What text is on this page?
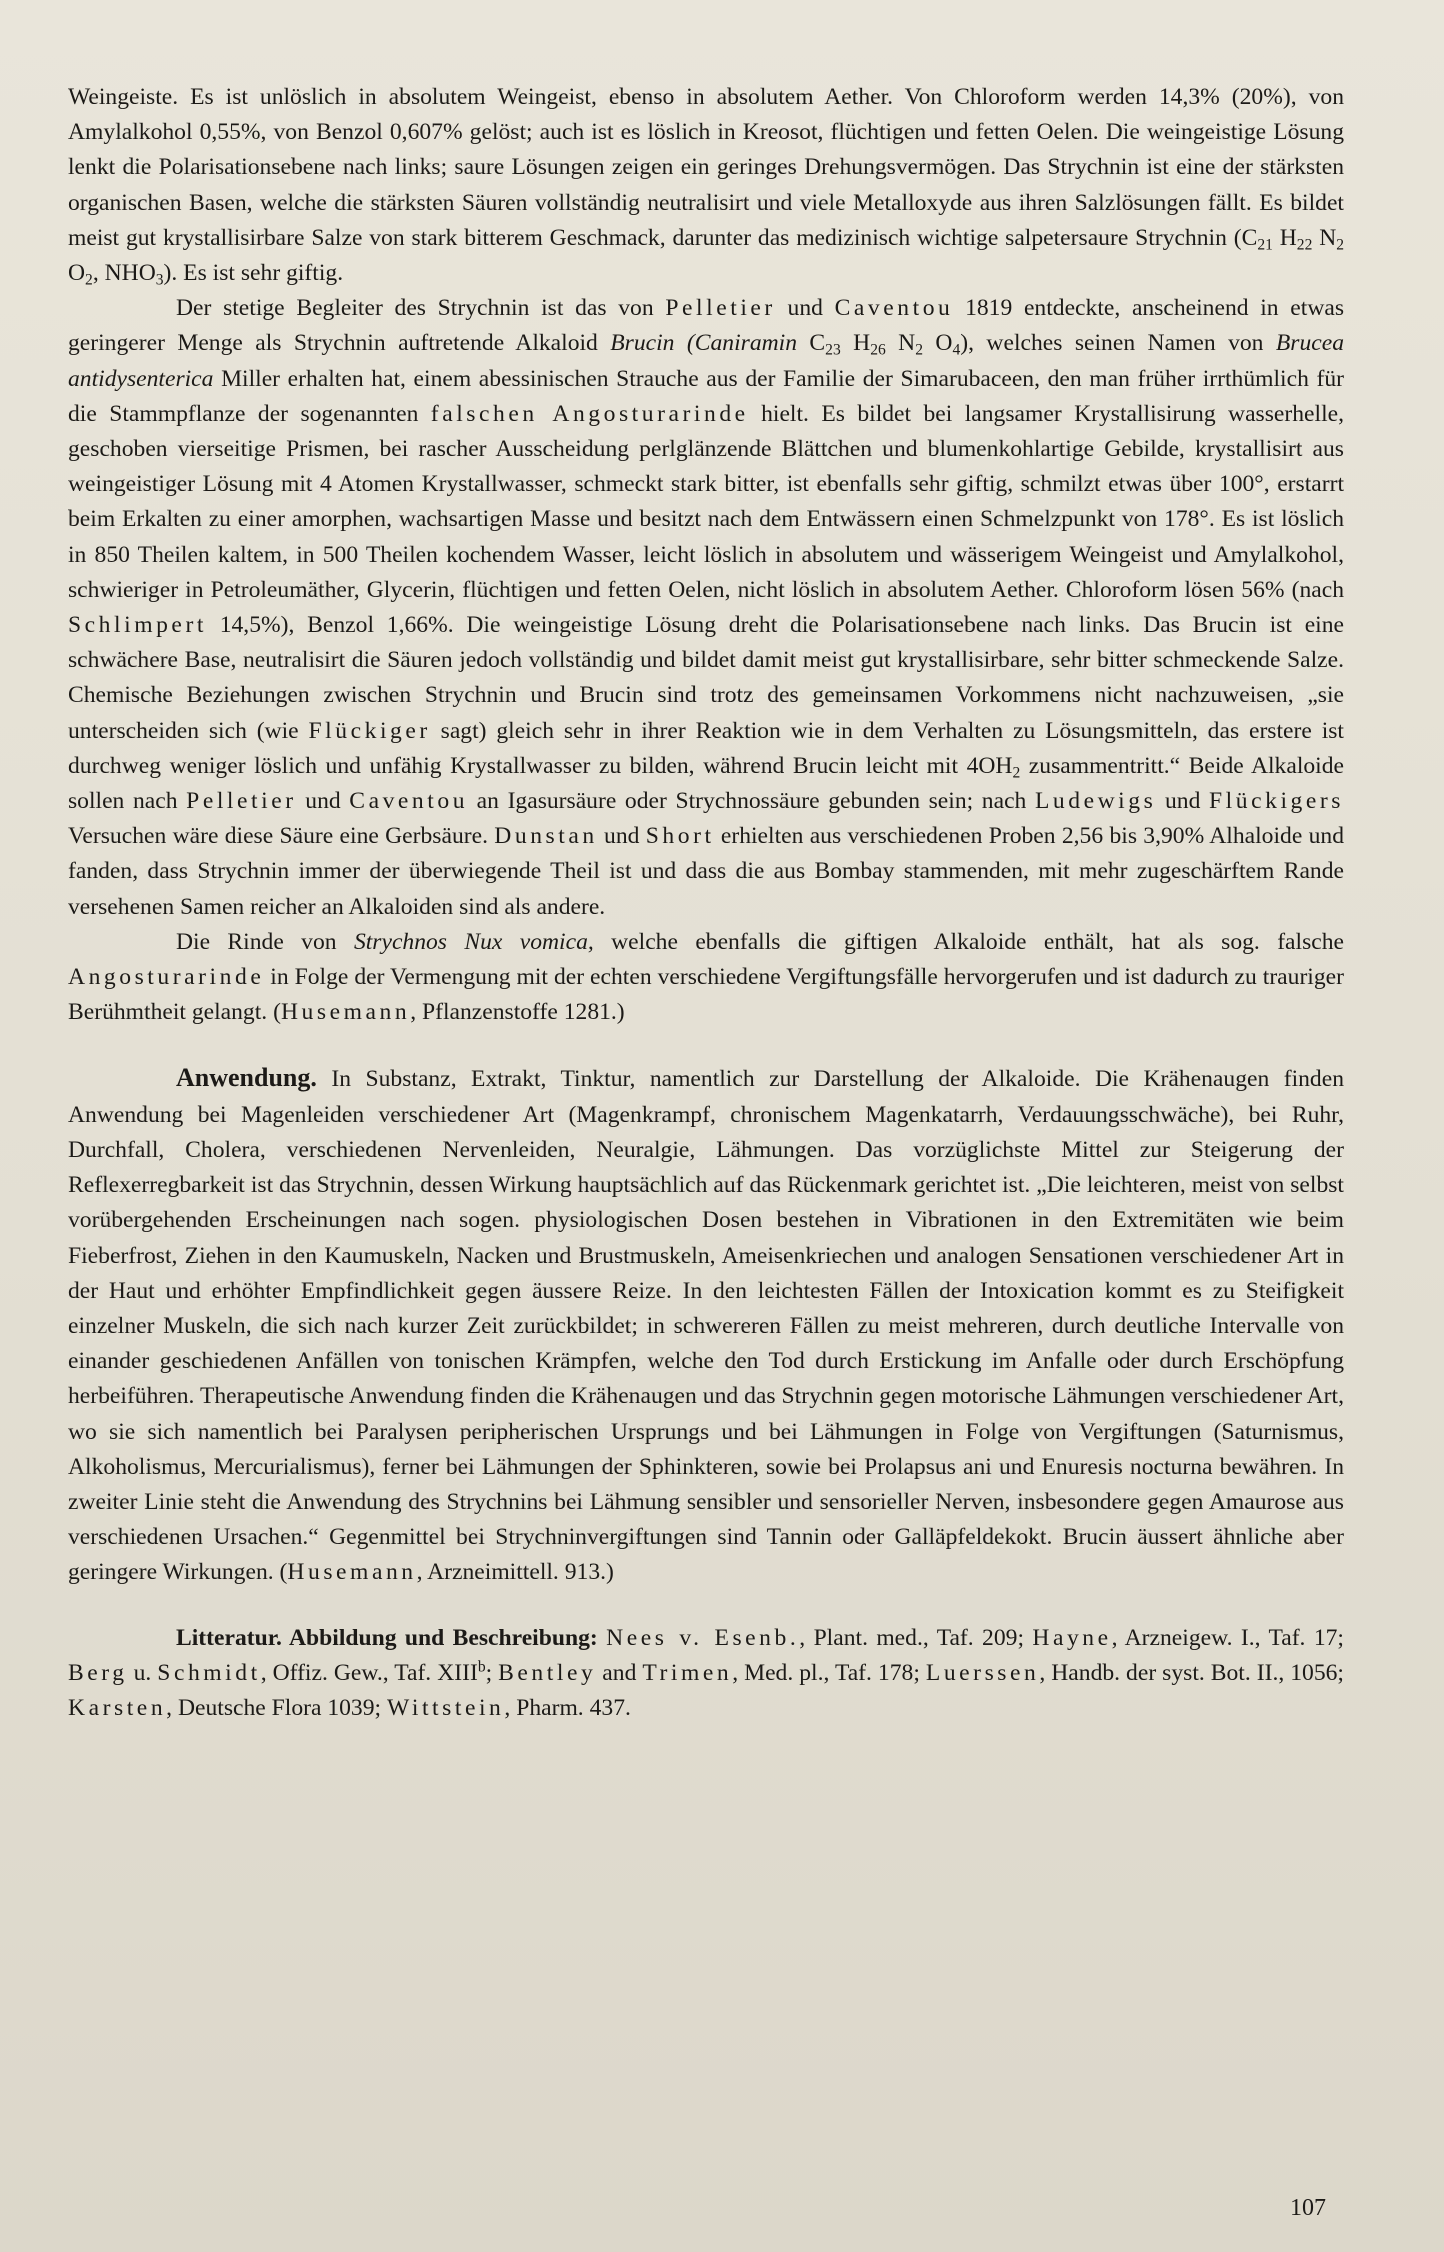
Weingeiste. Es ist unlöslich in absolutem Weingeist, ebenso in absolutem Aether. Von Chloroform werden 14,3% (20%), von Amylalkohol 0,55%, von Benzol 0,607% gelöst; auch ist es löslich in Kreosot, flüchtigen und fetten Oelen. Die weingeistige Lösung lenkt die Polarisationsebene nach links; saure Lösungen zeigen ein geringes Drehungsvermögen. Das Strychnin ist eine der stärksten organischen Basen, welche die stärksten Säuren vollständig neutralisirt und viele Metalloxyde aus ihren Salzlösungen fällt. Es bildet meist gut krystallisirbare Salze von stark bitterem Geschmack, darunter das medizinisch wichtige salpetersaure Strychnin ($C_{21}$ $H_{22}$ $N_2$ $O_2$, $NHO_3$). Es ist sehr giftig.

Der stetige Begleiter des Strychnin ist das von Pelletier und Caventou 1819 entdeckte, anscheinend in etwas geringerer Menge als Strychnin auftretende Alkaloid Brucin (Caniramin $C_{23}$ $H_{26}$ $N_2$ $O_4$), welches seinen Namen von Brucea antidysenterica Miller erhalten hat, einem abessinischen Strauche aus der Familie der Simarubaceen, den man früher irrthümlich für die Stammpflanze der sogenannten falschen Angosturarinde hielt. Es bildet bei langsamer Krystallisirung wasserhelle, geschoben vierseitige Prismen, bei rascher Ausscheidung perlglänzende Blättchen und blumenkohlartige Gebilde, krystallisirt aus weingeistiger Lösung mit 4 Atomen Krystallwasser, schmeckt stark bitter, ist ebenfalls sehr giftig, schmilzt etwas über 100°, erstarrt beim Erkalten zu einer amorphen, wachsartigen Masse und besitzt nach dem Entwässern einen Schmelzpunkt von 178°. Es ist löslich in 850 Theilen kaltem, in 500 Theilen kochendem Wasser, leicht löslich in absolutem und wässerigem Weingeist und Amylalkohol, schwieriger in Petroleumäther, Glycerin, flüchtigen und fetten Oelen, nicht löslich in absolutem Aether. Chloroform lösen 56% (nach Schlimpert 14,5%), Benzol 1,66%. Die weingeistige Lösung dreht die Polarisationsebene nach links. Das Brucin ist eine schwächere Base, neutralisirt die Säuren jedoch vollständig und bildet damit meist gut krystallisirbare, sehr bitter schmeckende Salze. Chemische Beziehungen zwischen Strychnin und Brucin sind trotz des gemeinsamen Vorkommens nicht nachzuweisen, „sie unterscheiden sich (wie Flückiger sagt) gleich sehr in ihrer Reaktion wie in dem Verhalten zu Lösungsmitteln, das erstere ist durchweg weniger löslich und unfähig Krystallwasser zu bilden, während Brucin leicht mit $4OH_2$ zusammentritt.“ Beide Alkaloide sollen nach Pelletier und Caventou an Igasursäure oder Strychnossäure gebunden sein; nach Ludewigs und Flückigers Versuchen wäre diese Säure eine Gerbsäure. Dunstan und Short erhielten aus verschiedenen Proben 2,56 bis 3,90% Alhaloide und fanden, dass Strychnin immer der überwiegende Theil ist und dass die aus Bombay stammenden, mit mehr zugeschärftem Rande versehenen Samen reicher an Alkaloiden sind als andere.

Die Rinde von Strychnos Nux vomica, welche ebenfalls die giftigen Alkaloide enthält, hat als sog. falsche Angosturarinde in Folge der Vermengung mit der echten verschiedene Vergiftungsfälle hervorgerufen und ist dadurch zu trauriger Berühmtheit gelangt. (Husemann, Pflanzenstoffe 1281.)

Anwendung. In Substanz, Extrakt, Tinktur, namentlich zur Darstellung der Alkaloide. Die Krähenaugen finden Anwendung bei Magenleiden verschiedener Art (Magenkrampf, chronischem Magenkatarrh, Verdauungsschwäche), bei Ruhr, Durchfall, Cholera, verschiedenen Nervenleiden, Neuralgie, Lähmungen. Das vorzüglichste Mittel zur Steigerung der Reflexerregbarkeit ist das Strychnin, dessen Wirkung hauptsächlich auf das Rückenmark gerichtet ist. „Die leichteren, meist von selbst vorübergehenden Erscheinungen nach sogen. physiologischen Dosen bestehen in Vibrationen in den Extremitäten wie beim Fieberfrost, Ziehen in den Kaumuskeln, Nacken und Brustmuskeln, Ameisenkriechen und analogen Sensationen verschiedener Art in der Haut und erhöhter Empfindlichkeit gegen äussere Reize. In den leichtesten Fällen der Intoxication kommt es zu Steifigkeit einzelner Muskeln, die sich nach kurzer Zeit zurückbildet; in schwereren Fällen zu meist mehreren, durch deutliche Intervalle von einander geschiedenen Anfällen von tonischen Krämpfen, welche den Tod durch Erstickung im Anfalle oder durch Erschöpfung herbeiführen. Therapeutische Anwendung finden die Krähenaugen und das Strychnin gegen motorische Lähmungen verschiedener Art, wo sie sich namentlich bei Paralysen peripherischen Ursprungs und bei Lähmungen in Folge von Vergiftungen (Saturnismus, Alkoholismus, Mercurialismus), ferner bei Lähmungen der Sphinkteren, sowie bei Prolapsus ani und Enuresis nocturna bewähren. In zweiter Linie steht die Anwendung des Strychnins bei Lähmung sensibler und sensorieller Nerven, insbesondere gegen Amaurose aus verschiedenen Ursachen.“ Gegenmittel bei Strychninvergiftungen sind Tannin oder Galläpfeldekokt. Brucin äussert ähnliche aber geringere Wirkungen. (Husemann, Arzneimittell. 913.)

Litteratur. Abbildung und Beschreibung: Nees v. Esenb., Plant. med., Taf. 209; Hayne, Arzneigew. I., Taf. 17; Berg u. Schmidt, Offiz. Gew., Taf. XIII$^b$; Bentley and Trimen, Med. pl., Taf. 178; Luerssen, Handb. der syst. Bot. II., 1056; Karsten, Deutsche Flora 1039; Wittstein, Pharm. 437.

107
